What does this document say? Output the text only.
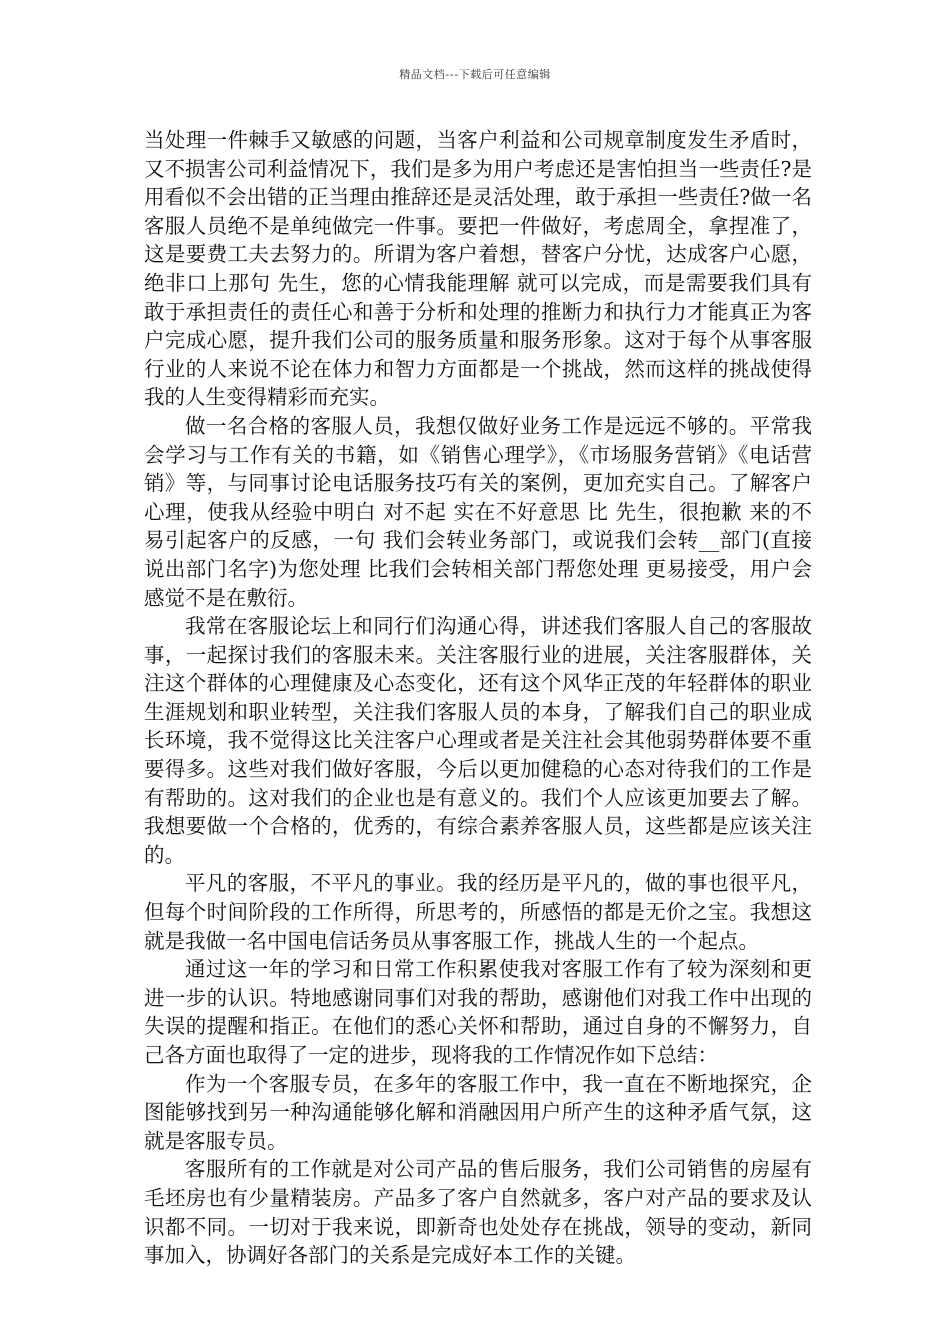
精品文档---下载后可任意编辑

当处理一件棘手又敏感的问题，当客户利益和公司规章制度发生矛盾时，又不损害公司利益情况下，我们是多为用户考虑还是害怕担当一些责任?是用看似不会出错的正当理由推辞还是灵活处理，敢于承担一些责任?做一名客服人员绝不是单纯做完一件事。要把一件做好，考虑周全，拿捏准了，这是要费工夫去努力的。所谓为客户着想，替客户分忧，达成客户心愿，绝非口上那句 先生，您的心情我能理解 就可以完成，而是需要我们具有敢于承担责任的责任心和善于分析和处理的推断力和执行力才能真正为客户完成心愿，提升我们公司的服务质量和服务形象。这对于每个从事客服行业的人来说不论在体力和智力方面都是一个挑战，然而这样的挑战使得我的人生变得精彩而充实。

做一名合格的客服人员，我想仅做好业务工作是远远不够的。平常我会学习与工作有关的书籍，如《销售心理学》，《市场服务营销》《电话营销》等，与同事讨论电话服务技巧有关的案例，更加充实自己。了解客户心理，使我从经验中明白 对不起 实在不好意思 比 先生，很抱歉 来的不易引起客户的反感，一句 我们会转业务部门，或说我们会转__部门(直接说出部门名字)为您处理 比我们会转相关部门帮您处理 更易接受，用户会感觉不是在敷衍。

我常在客服论坛上和同行们沟通心得，讲述我们客服人自己的客服故事，一起探讨我们的客服未来。关注客服行业的进展，关注客服群体，关注这个群体的心理健康及心态变化，还有这个风华正茂的年轻群体的职业生涯规划和职业转型，关注我们客服人员的本身，了解我们自己的职业成长环境，我不觉得这比关注客户心理或者是关注社会其他弱势群体要不重要得多。这些对我们做好客服，今后以更加健稳的心态对待我们的工作是有帮助的。这对我们的企业也是有意义的。我们个人应该更加要去了解。我想要做一个合格的，优秀的，有综合素养客服人员，这些都是应该关注的。

平凡的客服，不平凡的事业。我的经历是平凡的，做的事也很平凡，但每个时间阶段的工作所得，所思考的，所感悟的都是无价之宝。我想这就是我做一名中国电信话务员从事客服工作，挑战人生的一个起点。

通过这一年的学习和日常工作积累使我对客服工作有了较为深刻和更进一步的认识。特地感谢同事们对我的帮助，感谢他们对我工作中出现的失误的提醒和指正。在他们的悉心关怀和帮助，通过自身的不懈努力，自己各方面也取得了一定的进步，现将我的工作情况作如下总结：

作为一个客服专员，在多年的客服工作中，我一直在不断地探究，企图能够找到另一种沟通能够化解和消融因用户所产生的这种矛盾气氛，这就是客服专员。

客服所有的工作就是对公司产品的售后服务，我们公司销售的房屋有毛坯房也有少量精装房。产品多了客户自然就多，客户对产品的要求及认识都不同。一切对于我来说，即新奇也处处存在挑战，领导的变动，新同事加入，协调好各部门的关系是完成好本工作的关键。
